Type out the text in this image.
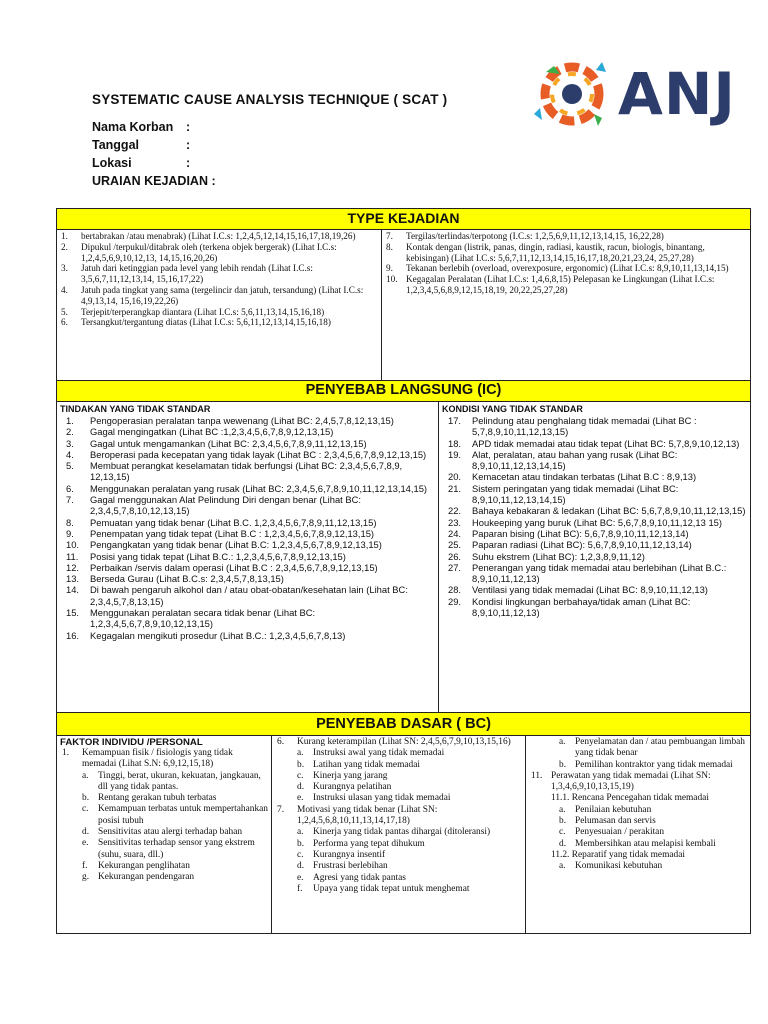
ANJ
SYSTEMATIC CAUSE ANALYSIS TECHNIQUE ( SCAT )
Nama Korban :
Tanggal	:
Lokasi	:
URAIAN KEJADIAN :
TYPE KEJADIAN
1. bertabrakan /atau menabrak) (Lihat I.C.s: 1,2,4,5,12,14,15,16,17,18,19,26)
2. Dipukul /terpukul/ditabrak oleh (terkena objek bergerak) (Lihat I.C.s: 1,2,4,5,6,9,10,12,13, 14,15,16,20,26)
3. Jatuh dari ketinggian pada level yang lebih rendah (Lihat I.C.s: 3,5,6,7,11,12,13,14, 15,16,17,22)
4. Jatuh pada tingkat yang sama (tergelincir dan jatuh, tersandung) (Lihat I.C.s: 4,9,13,14, 15,16,19,22,26)
5. Terjepit/terperangkap diantara (Lihat I.C.s: 5,6,11,13,14,15,16,18)
6. Tersangkut/tergantung diatas (Lihat I.C.s: 5,6,11,12,13,14,15,16,18)
7. Tergilas/terlindas/terpotong (I.C.s: 1,2,5,6,9,11,12,13,14,15, 16,22,28)
8. Kontak dengan (listrik, panas, dingin, radiasi, kaustik, racun, biologis, binantang, kebisingan) (Lihat I.C.s: 5,6,7,11,12,13,14,15,16,17,18,20,21,23,24, 25,27,28)
9. Tekanan berlebih (overload, overexposure, ergonomic) (Lihat I.C.s: 8,9,10,11,13,14,15)
10. Kegagalan Peralatan (Lihat I.C.s: 1,4,6,8,15) Pelepasan ke Lingkungan (Lihat I.C.s: 1,2,3,4,5,6,8,9,12,15,18,19, 20,22,25,27,28)
PENYEBAB LANGSUNG (IC)
TINDAKAN YANG TIDAK STANDAR
1. Pengoperasian peralatan tanpa wewenang (Lihat BC: 2,4,5,7,8,12,13,15)
2. Gagal mengingatkan (Lihat BC :1,2,3,4,5,6,7,8,9,12,13,15)
3. Gagal untuk mengamankan (Lihat BC: 2,3,4,5,6,7,8,9,11,12,13,15)
4. Beroperasi pada kecepatan yang tidak layak (Lihat BC : 2,3,4,5,6,7,8,9,12,13,15)
5. Membuat perangkat keselamatan tidak berfungsi (Lihat BC: 2,3,4,5,6,7,8,9, 12,13,15)
6. Menggunakan peralatan yang rusak (Lihat BC: 2,3,4,5,6,7,8,9,10,11,12,13,14,15)
7. Gagal menggunakan Alat Pelindung Diri dengan benar (Lihat BC: 2,3,4,5,7,8,10,12,13,15)
8. Pemuatan yang tidak benar (Lihat B.C. 1,2,3,4,5,6,7,8,9,11,12,13,15)
9. Penempatan yang tidak tepat (Lihat B.C : 1,2,3,4,5,6,7,8,9,12,13,15)
10. Pengangkatan yang tidak benar (Lihat B.C: 1,2,3,4,5,6,7,8,9,12,13,15)
11. Posisi yang tidak tepat (Lihat B.C.: 1,2,3,4,5,6,7,8,9,12,13,15)
12. Perbaikan /servis dalam operasi (Lihat B.C : 2,3,4,5,6,7,8,9,12,13,15)
13. Berseda Gurau (Lihat B.C.s: 2,3,4,5,7,8,13,15)
14. Di bawah pengaruh alkohol dan / atau obat-obatan/kesehatan lain (Lihat BC: 2,3,4,5,7,8,13,15)
15. Menggunakan peralatan secara tidak benar (Lihat BC: 1,2,3,4,5,6,7,8,9,10,12,13,15)
16. Kegagalan mengikuti prosedur (Lihat B.C.: 1,2,3,4,5,6,7,8,13)
KONDISI YANG TIDAK STANDAR
17. Pelindung atau penghalang tidak memadai (Lihat BC : 5,7,8,9,10,11,12,13,15)
18. APD tidak memadai atau tidak tepat (Lihat BC: 5,7,8,9,10,12,13)
19. Alat, peralatan, atau bahan yang rusak (Lihat BC: 8,9,10,11,12,13,14,15)
20. Kemacetan atau tindakan terbatas (Lihat B.C : 8,9,13)
21. Sistem peringatan yang tidak memadai (Lihat BC: 8,9,10,11,12,13,14,15)
22. Bahaya kebakaran & ledakan (Lihat BC: 5,6,7,8,9,10,11,12,13,15)
23. Houkeeping yang buruk (Lihat BC: 5,6,7,8,9,10,11,12,13 15)
24. Paparan bising (Lihat BC): 5,6,7,8,9,10,11,12,13,14)
25. Paparan radiasi (Lihat BC): 5,6,7,8,9,10,11,12,13,14)
26. Suhu ekstrem (Lihat BC): 1,2,3,8,9,11,12)
27. Penerangan yang tidak memadai atau berlebihan (Lihat B.C.: 8,9,10,11,12,13)
28. Ventilasi yang tidak memadai (Lihat BC: 8,9,10,11,12,13)
29. Kondisi lingkungan berbahaya/tidak aman (Lihat BC: 8,9,10,11,12,13)
PENYEBAB DASAR ( BC)
FAKTOR INDIVIDU /PERSONAL
1. Kemampuan fisik / fisiologis yang tidak memadai (Lihat S.N: 6,9,12,15,18)
a. Tinggi, berat, ukuran, kekuatan, jangkauan, dll yang tidak pantas.
b. Rentang gerakan tubuh terbatas
c. Kemampuan terbatas untuk mempertahankan posisi tubuh
d. Sensitivitas atau alergi terhadap bahan
e. Sensitivitas terhadap sensor yang ekstrem (suhu, suara, dll.)
f. Kekurangan penglihatan
g. Kekurangan pendengaran
6. Kurang keterampilan (Lihat SN: 2,4,5,6,7,9,10,13,15,16)
a. Instruksi awal yang tidak memadai
b. Latihan yang tidak memadai
c. Kinerja yang jarang
d. Kurangnya pelatihan
e. Instruksi ulasan yang tidak memadai
7. Motivasi yang tidak benar (Lihat SN: 1,2,4,5,6,8,10,11,13,14,17,18)
a. Kinerja yang tidak pantas dihargai (ditoleransi)
b. Performa yang tepat dihukum
c. Kurangnya insentif
d. Frustrasi berlebihan
e. Agresi yang tidak pantas
f. Upaya yang tidak tepat untuk menghemat
a. Penyelamatan dan / atau pembuangan limbah yang tidak benar
b. Pemilihan kontraktor yang tidak memadai
11. Perawatan yang tidak memadai (Lihat SN: 1,3,4,6,9,10,13,15,19)
11.1. Rencana Pencegahan tidak memadai
a. Penilaian kebutuhan
b. Pelumasan dan servis
c. Penyesuaian / perakitan
d. Membersihkan atau melapisi kembali
11.2. Reparatif yang tidak memadai
a. Komunikasi kebutuhan
